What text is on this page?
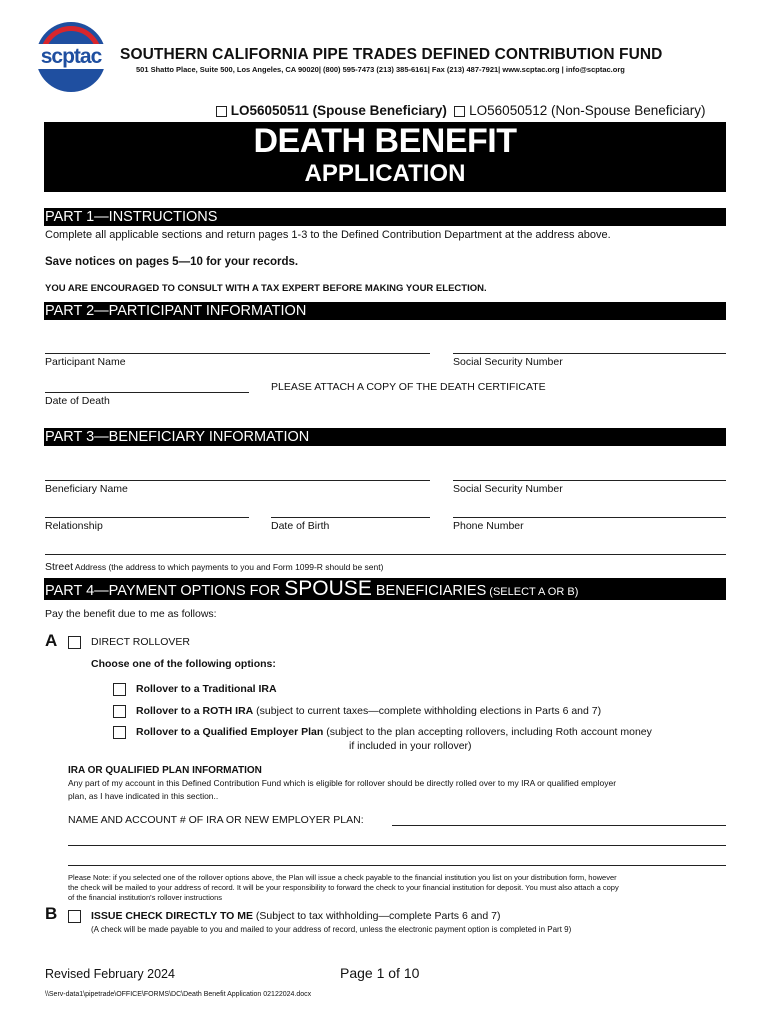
scptac	SOUTHERN CALIFORNIA PIPE TRADES DEFINED CONTRIBUTION FUND
501 Shatto Place, Suite 500, Los Angeles, CA 90020| (800) 595-7473 (213) 385-6161| Fax (213) 487-7921| www.scptac.org | info@scptac.org
LO56050511 (Spouse Beneficiary) LO56050512 (Non-Spouse Beneficiary)
DEATH BENEFIT
APPLICATION
PART 1—INSTRUCTIONS
Complete all applicable sections and return pages 1-3 to the Defined Contribution Department at the address above.
Save notices on pages 5—10 for your records.
YOU ARE ENCOURAGED TO CONSULT WITH A TAX EXPERT BEFORE MAKING YOUR ELECTION.
PART 2—PARTICIPANT INFORMATION
Participant Name	Social Security Number
PLEASE ATTACH A COPY OF THE DEATH CERTIFICATE
Date of Death
PART 3—BENEFICIARY INFORMATION
Beneficiary Name	Social Security Number
Relationship	Date of Birth	Phone Number
Street Address (the address to which payments to you and Form 1099-R should be sent)
PART 4—PAYMENT OPTIONS FOR SPOUSE BENEFICIARIES (SELECT A OR B)
Pay the benefit due to me as follows:
A	DIRECT ROLLOVER
Choose one of the following options:
Rollover to a Traditional IRA
Rollover to a ROTH IRA (subject to current taxes—complete withholding elections in Parts 6 and 7)
Rollover to a Qualified Employer Plan (subject to the plan accepting rollovers, including Roth account money
if included in your rollover)
IRA OR QUALIFIED PLAN INFORMATION
Any part of my account in this Defined Contribution Fund which is eligible for rollover should be directly rolled over to my IRA or qualified employer
plan, as I have indicated in this section..
NAME AND ACCOUNT # OF IRA OR NEW EMPLOYER PLAN:
Please Note: if you selected one of the rollover options above, the Plan will issue a check payable to the financial institution you list on your distribution form, however
the check will be mailed to your address of record. It will be your responsibility to forward the check to your financial institution for deposit. You must also attach a copy
of the financial institution's rollover instructions
B	ISSUE CHECK DIRECTLY TO ME (Subject to tax withholding—complete Parts 6 and 7)
(A check will be made payable to you and mailed to your address of record, unless the electronic payment option is completed in Part 9)
Revised February 2024	Page 1 of 10
\\Serv-data1\pipetrade\OFFICE\FORMS\DC\Death Benefit Application 02122024.docx
